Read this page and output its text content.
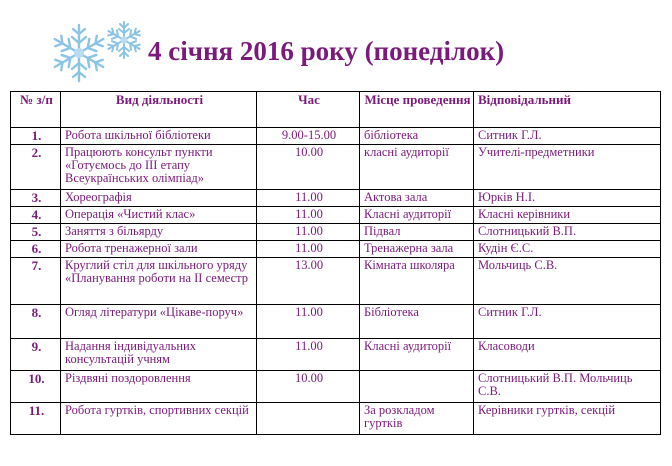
4 січня 2016 року (понеділок)
№ з/п	Вид діяльності	Час	Місце проведення	Відповідальний
1.	Робота шкільної бібліотеки	9.00-15.00	бібліотека	Ситник Г.Л.
2.	Працюють консульт пункти «Готуємось до ІІІ етапу Всеукраїнських олімпіад»	10.00	класні аудиторії	Учителі-предметники
3.	Хореографія	11.00	Актова зала	Юрків Н.І.
4.	Операція «Чистий клас»	11.00	Класні аудиторії	Класні керівники
5.	Заняття з більярду	11.00	Підвал	Слотницький В.П.
6.	Робота тренажерної зали	11.00	Тренажерна зала	Кудін Є.С.
7.	Круглий стіл для шкільного уряду «Планування роботи на ІІ семестр	13.00	Кімната школяра	Мольчиць С.В.
8.	Огляд літератури «Цікаве-поруч»	11.00	Бібліотека	Ситник Г.Л.
9.	Надання індивідуальних консультацій учням	11.00	Класні аудиторії	Класоводи
10.	Різдвяні поздоровлення	10.00		Слотницький В.П. Мольчиць С.В.
11.	Робота гуртків, спортивних секцій		За розкладом гуртків	Керівники гуртків, секцій
